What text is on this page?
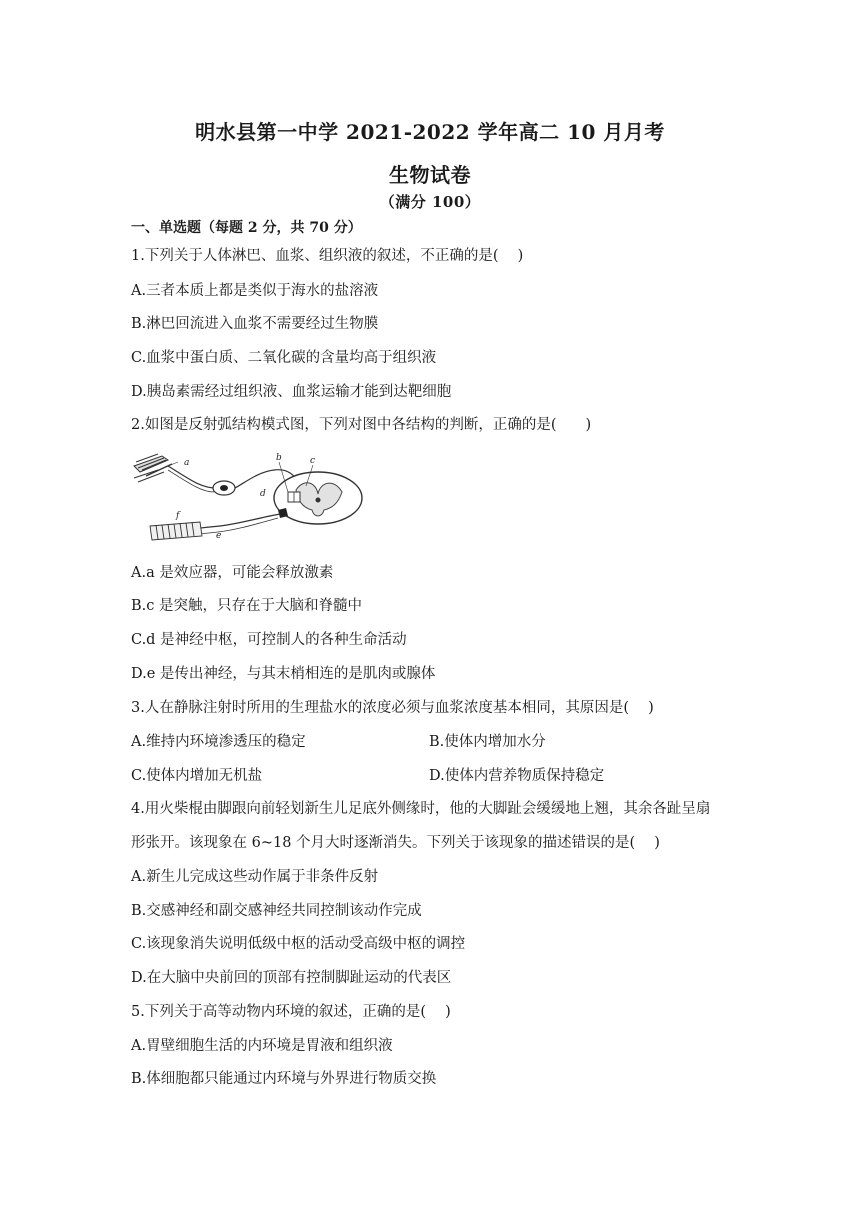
明水县第一中学 2021-2022 学年高二 10 月月考
生物试卷
（满分 100）
一、单选题（每题 2 分，共 70 分）
1.下列关于人体淋巴、血浆、组织液的叙述，不正确的是(　 )
A.三者本质上都是类似于海水的盐溶液
B.淋巴回流进入血浆不需要经过生物膜
C.血浆中蛋白质、二氧化碳的含量均高于组织液
D.胰岛素需经过组织液、血浆运输才能到达靶细胞
2.如图是反射弧结构模式图，下列对图中各结构的判断，正确的是(　　)
a	b	c
d
e
f
A.a 是效应器，可能会释放激素
B.c 是突触，只存在于大脑和脊髓中
C.d 是神经中枢，可控制人的各种生命活动
D.e 是传出神经，与其末梢相连的是肌肉或腺体
3.人在静脉注射时所用的生理盐水的浓度必须与血浆浓度基本相同，其原因是(　 )
A.维持内环境渗透压的稳定	B.使体内增加水分
C.使体内增加无机盐	D.使体内营养物质保持稳定
4.用火柴棍由脚跟向前轻划新生儿足底外侧缘时，他的大脚趾会缓缓地上翘，其余各趾呈扇
形张开。该现象在 6~18 个月大时逐渐消失。下列关于该现象的描述错误的是(　 )
A.新生儿完成这些动作属于非条件反射
B.交感神经和副交感神经共同控制该动作完成
C.该现象消失说明低级中枢的活动受高级中枢的调控
D.在大脑中央前回的顶部有控制脚趾运动的代表区
5.下列关于高等动物内环境的叙述，正确的是(　 )
A.胃壁细胞生活的内环境是胃液和组织液
B.体细胞都只能通过内环境与外界进行物质交换
